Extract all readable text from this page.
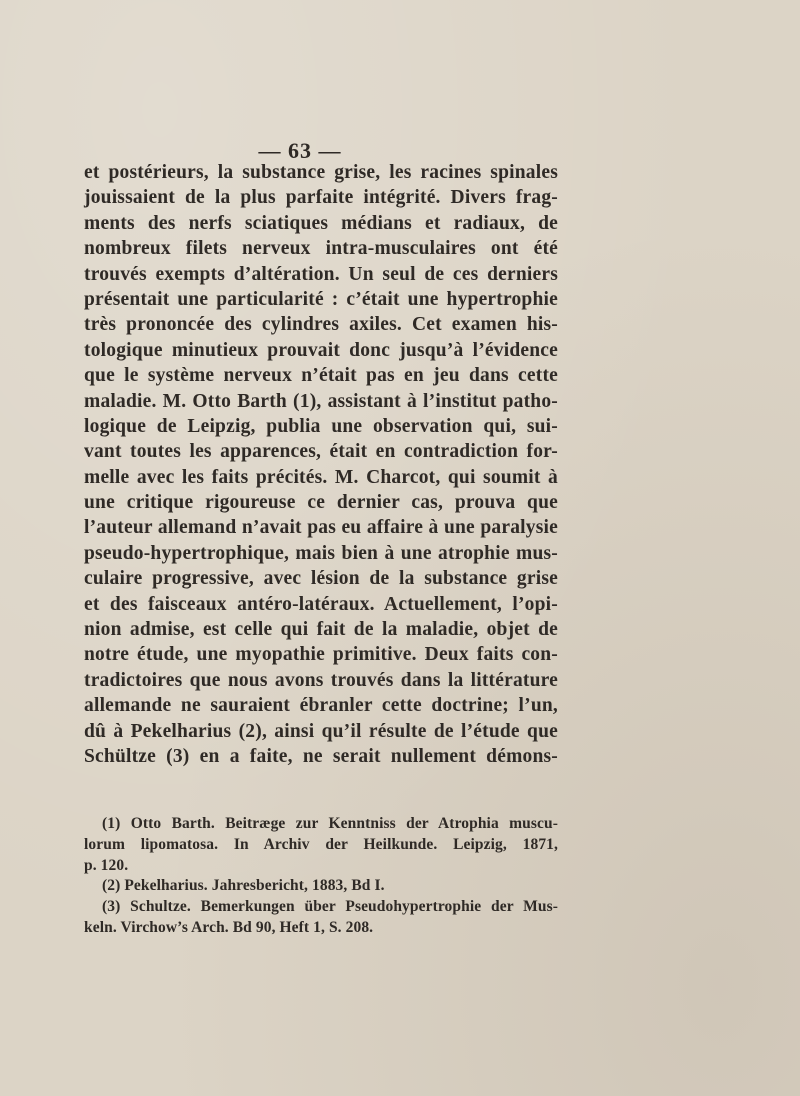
— 63 —
et postérieurs, la substance grise, les racines spinales
jouissaient de la plus parfaite intégrité. Divers frag-
ments des nerfs sciatiques médians et radiaux, de
nombreux filets nerveux intra-musculaires ont été
trouvés exempts d’altération. Un seul de ces derniers
présentait une particularité : c’était une hypertrophie
très prononcée des cylindres axiles. Cet examen his-
tologique minutieux prouvait donc jusqu’à l’évidence
que le système nerveux n’était pas en jeu dans cette
maladie. M. Otto Barth (1), assistant à l’institut patho-
logique de Leipzig, publia une observation qui, sui-
vant toutes les apparences, était en contradiction for-
melle avec les faits précités. M. Charcot, qui soumit à
une critique rigoureuse ce dernier cas, prouva que
l’auteur allemand n’avait pas eu affaire à une paralysie
pseudo-hypertrophique, mais bien à une atrophie mus-
culaire progressive, avec lésion de la substance grise
et des faisceaux antéro-latéraux. Actuellement, l’opi-
nion admise, est celle qui fait de la maladie, objet de
notre étude, une myopathie primitive. Deux faits con-
tradictoires que nous avons trouvés dans la littérature
allemande ne sauraient ébranler cette doctrine; l’un,
dû à Pekelharius (2), ainsi qu’il résulte de l’étude que
Schültze (3) en a faite, ne serait nullement démons-
(1) Otto Barth. Beitræge zur Kenntniss der Atrophia muscu-
lorum lipomatosa. In Archiv der Heilkunde. Leipzig, 1871,
p. 120.
(2) Pekelharius. Jahresbericht, 1883, Bd I.
(3) Schultze. Bemerkungen über Pseudohypertrophie der Mus-
keln. Virchow’s Arch. Bd 90, Heft 1, S. 208.
